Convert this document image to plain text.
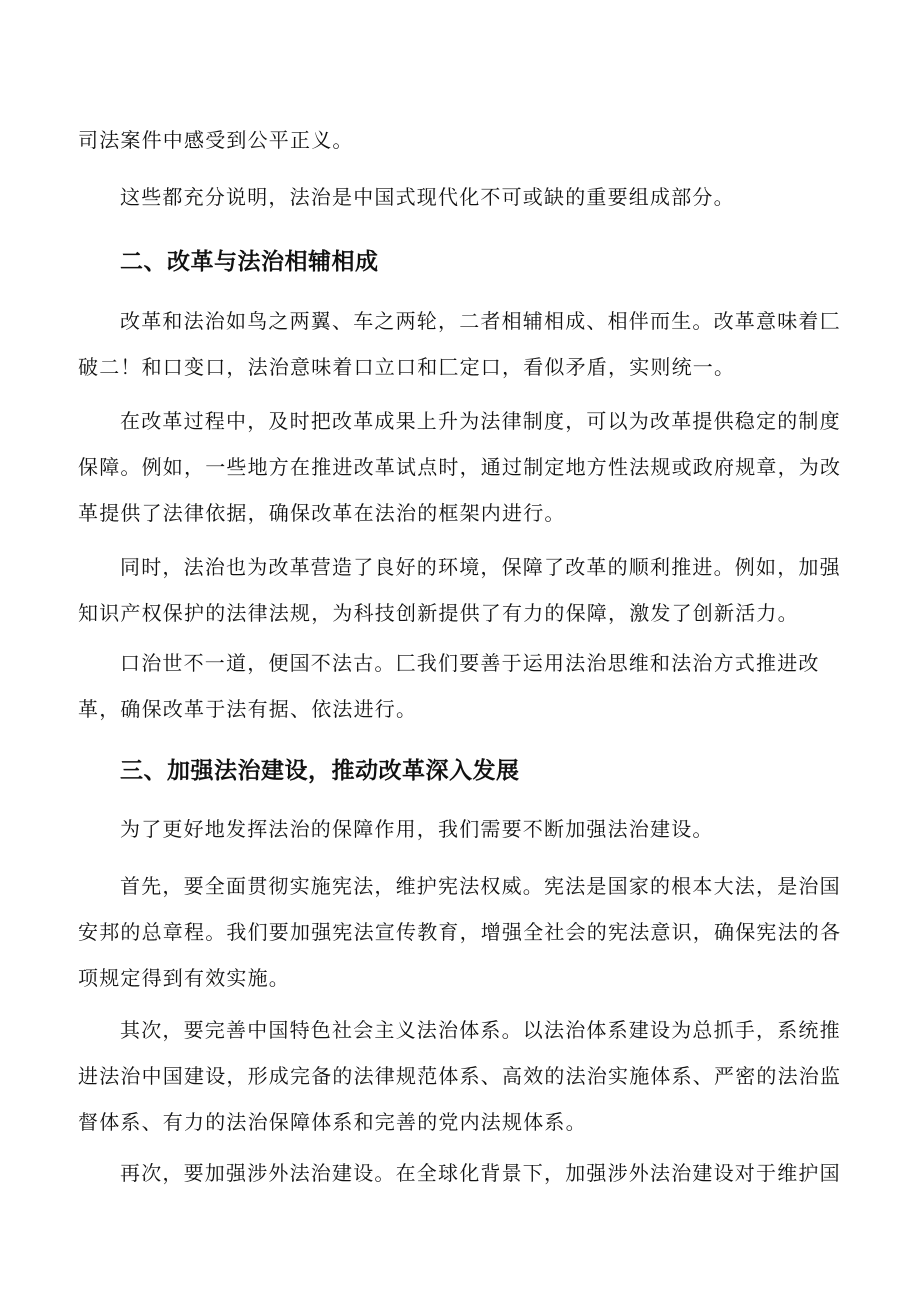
司法案件中感受到公平正义。

这些都充分说明，法治是中国式现代化不可或缺的重要组成部分。

二、改革与法治相辅相成

改革和法治如鸟之两翼、车之两轮，二者相辅相成、相伴而生。改革意味着匚破二！和口变口，法治意味着口立口和匚定口，看似矛盾，实则统一。

在改革过程中，及时把改革成果上升为法律制度，可以为改革提供稳定的制度保障。例如，一些地方在推进改革试点时，通过制定地方性法规或政府规章，为改革提供了法律依据，确保改革在法治的框架内进行。

同时，法治也为改革营造了良好的环境，保障了改革的顺利推进。例如，加强知识产权保护的法律法规，为科技创新提供了有力的保障，激发了创新活力。

口治世不一道，便国不法古。匚我们要善于运用法治思维和法治方式推进改革，确保改革于法有据、依法进行。

三、加强法治建设，推动改革深入发展

为了更好地发挥法治的保障作用，我们需要不断加强法治建设。

首先，要全面贯彻实施宪法，维护宪法权威。宪法是国家的根本大法，是治国安邦的总章程。我们要加强宪法宣传教育，增强全社会的宪法意识，确保宪法的各项规定得到有效实施。

其次，要完善中国特色社会主义法治体系。以法治体系建设为总抓手，系统推进法治中国建设，形成完备的法律规范体系、高效的法治实施体系、严密的法治监督体系、有力的法治保障体系和完善的党内法规体系。

再次，要加强涉外法治建设。在全球化背景下，加强涉外法治建设对于维护国
